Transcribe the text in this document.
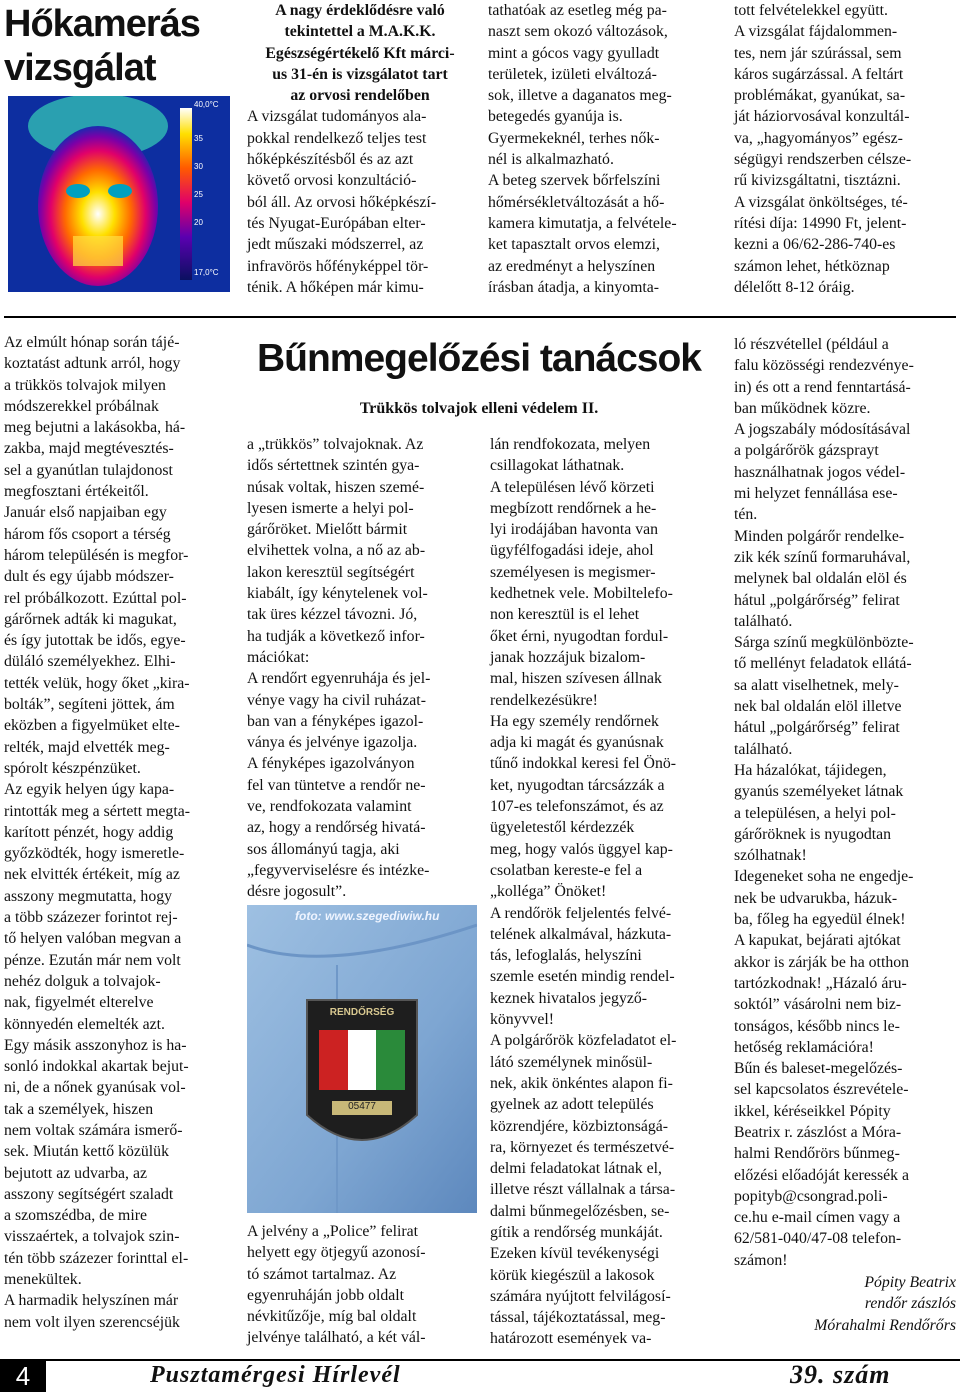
Hőkamerás
vizsgálat
40,0°C
35
30
25
20
17,0°C
A nagy érdeklődésre való
tekintettel a M.A.K.K.
Egészségértékelő Kft márci-
us 31-én is vizsgálatot tart
az orvosi rendelőben
A vizsgálat tudományos ala-
pokkal rendelkező teljes test
hőképkészítésből és az azt
követő orvosi konzultáció-
ból áll. Az orvosi hőképkészí-
tés Nyugat-Európában elter-
jedt műszaki módszerrel, az
infravörös hőfényképpel tör-
ténik. A hőképen már kimu-
tathatóak az esetleg még pa-
naszt sem okozó változások,
mint a gócos vagy gyulladt
területek, izületi elváltozá-
sok, illetve a daganatos meg-
betegedés gyanúja is.
Gyermekeknél, terhes nők-
nél is alkalmazható.
A beteg szervek bőrfelszíni
hőmérsékletváltozását a hő-
kamera kimutatja, a felvétele-
ket tapasztalt orvos elemzi,
az eredményt a helyszínen
írásban átadja, a kinyomta-
tott felvételekkel együtt.
A vizsgálat fájdalommen-
tes, nem jár szúrással, sem
káros sugárzással. A feltárt
problémákat, gyanúkat, sa-
ját háziorvosával konzultál-
va, „hagyományos” egész-
ségügyi rendszerben célsze-
rű kivizsgáltatni, tisztázni.
A vizsgálat önköltséges, té-
rítési díja: 14990 Ft, jelent-
kezni a 06/62-286-740-es
számon lehet, hétköznap
délelőtt 8-12 óráig.
Az elmúlt hónap során tájé-
koztatást adtunk arról, hogy
a trükkös tolvajok milyen
módszerekkel próbálnak
meg bejutni a lakásokba, há-
zakba, majd megtévesztés-
sel a gyanútlan tulajdonost
megfosztani értékeitől.
Január első napjaiban egy
három fős csoport a térség
három településén is megfor-
dult és egy újabb módszer-
rel próbálkozott. Ezúttal pol-
gárőrnek adták ki magukat,
és így jutottak be idős, egye-
düláló személyekhez. Elhi-
tették velük, hogy őket „kira-
bolták”, segíteni jöttek, ám
eközben a figyelmüket elte-
relték, majd elvették meg-
spórolt készpénzüket.
Az egyik helyen úgy kapa-
rintották meg a sértett megta-
karított pénzét, hogy addig
győzködték, hogy ismeretle-
nek elvitték értékeit, míg az
asszony megmutatta, hogy
a több százezer forintot rej-
tő helyen valóban megvan a
pénze. Ezután már nem volt
nehéz dolguk a tolvajok-
nak, figyelmét elterelve
könnyedén elemelték azt.
Egy másik asszonyhoz is ha-
sonló indokkal akartak bejut-
ni, de a nőnek gyanúsak vol-
tak a személyek, hiszen
nem voltak számára ismerő-
sek. Miután kettő közülük
bejutott az udvarba, az
asszony segítségért szaladt
a szomszédba, de mire
visszaértek, a tolvajok szin-
tén több százezer forinttal el-
menekültek.
A harmadik helyszínen már
nem volt ilyen szerencséjük
Bűnmegelőzési tanácsok
Trükkös tolvajok elleni védelem II.
a „trükkös” tolvajoknak. Az
idős sértettnek szintén gya-
núsak voltak, hiszen szemé-
lyesen ismerte a helyi pol-
gárőröket. Mielőtt bármit
elvihettek volna, a nő az ab-
lakon keresztül segítségért
kiabált, így kénytelenek vol-
tak üres kézzel távozni. Jó,
ha tudják a következő infor-
mációkat:
A rendőrt egyenruhája és jel-
vénye vagy ha civil ruházat-
ban van a fényképes igazol-
ványa és jelvénye igazolja.
A fényképes igazolványon
fel van tüntetve a rendőr ne-
ve, rendfokozata valamint
az, hogy a rendőrség hivatá-
sos állományú tagja, aki
„fegyverviselésre és intézke-
désre jogosult”.
foto: www.szegediwiw.hu
RENDŐRSÉG
05477
A jelvény a „Police” felirat
helyett egy ötjegyű azonosí-
tó számot tartalmaz. Az
egyenruháján jobb oldalt
névkitűzője, míg bal oldalt
jelvénye található, a két vál-
lán rendfokozata, melyen
csillagokat láthatnak.
A településen lévő körzeti
megbízott rendőrnek a he-
lyi irodájában havonta van
ügyfélfogadási ideje, ahol
személyesen is megismer-
kedhetnek vele. Mobiltelefo-
non keresztül is el lehet
őket érni, nyugodtan fordul-
janak hozzájuk bizalom-
mal, hiszen szívesen állnak
rendelkezésükre!
Ha egy személy rendőrnek
adja ki magát és gyanúsnak
tűnő indokkal keresi fel Önö-
ket, nyugodtan tárcsázzák a
107-es telefonszámot, és az
ügyeletestől kérdezzék
meg, hogy valós üggyel kap-
csolatban kereste-e fel a
„kolléga” Önöket!
A rendőrök feljelentés felvé-
telének alkalmával, házkuta-
tás, lefoglalás, helyszíni
szemle esetén mindig rendel-
keznek hivatalos jegyző-
könyvvel!
A polgárőrök közfeladatot el-
látó személynek minősül-
nek, akik önkéntes alapon fi-
gyelnek az adott település
közrendjére, közbiztonságá-
ra, környezet és természetvé-
delmi feladatokat látnak el,
illetve részt vállalnak a társa-
dalmi bűnmegelőzésben, se-
gítik a rendőrség munkáját.
Ezeken kívül tevékenységi
körük kiegészül a lakosok
számára nyújtott felvilágosí-
tással, tájékoztatással, meg-
határozott események va-
ló részvétellel (például a
falu közösségi rendezvénye-
in) és ott a rend fenntartásá-
ban működnek közre.
A jogszabály módosításával
a polgárőrök gázsprayt
használhatnak jogos védel-
mi helyzet fennállása ese-
tén.
Minden polgárőr rendelke-
zik kék színű formaruhával,
melynek bal oldalán elöl és
hátul „polgárőrség” felirat
található.
Sárga színű megkülönbözte-
tő mellényt feladatok ellátá-
sa alatt viselhetnek, mely-
nek bal oldalán elöl illetve
hátul „polgárőrség” felirat
található.
Ha házalókat, tájidegen,
gyanús személyeket látnak
a településen, a helyi pol-
gárőröknek is nyugodtan
szólhatnak!
Idegeneket soha ne engedje-
nek be udvarukba, házuk-
ba, főleg ha egyedül élnek!
A kapukat, bejárati ajtókat
akkor is zárják be ha otthon
tartózkodnak! „Házaló áru-
soktól” vásárolni nem biz-
tonságos, később nincs le-
hetőség reklamációra!
Bűn és baleset-megelőzés-
sel kapcsolatos észrevétele-
ikkel, kéréseikkel Pópity
Beatrix r. zászlóst a Móra-
halmi Rendőrörs bűnmeg-
előzési előadóját keressék a
popityb@csongrad.poli-
ce.hu e-mail címen vagy a
62/581-040/47-08 telefon-
számon!
Pópity Beatrix
rendőr zászlós
Mórahalmi Rendőrőrs
4	Pusztamérgesi Hírlevél	39. szám
